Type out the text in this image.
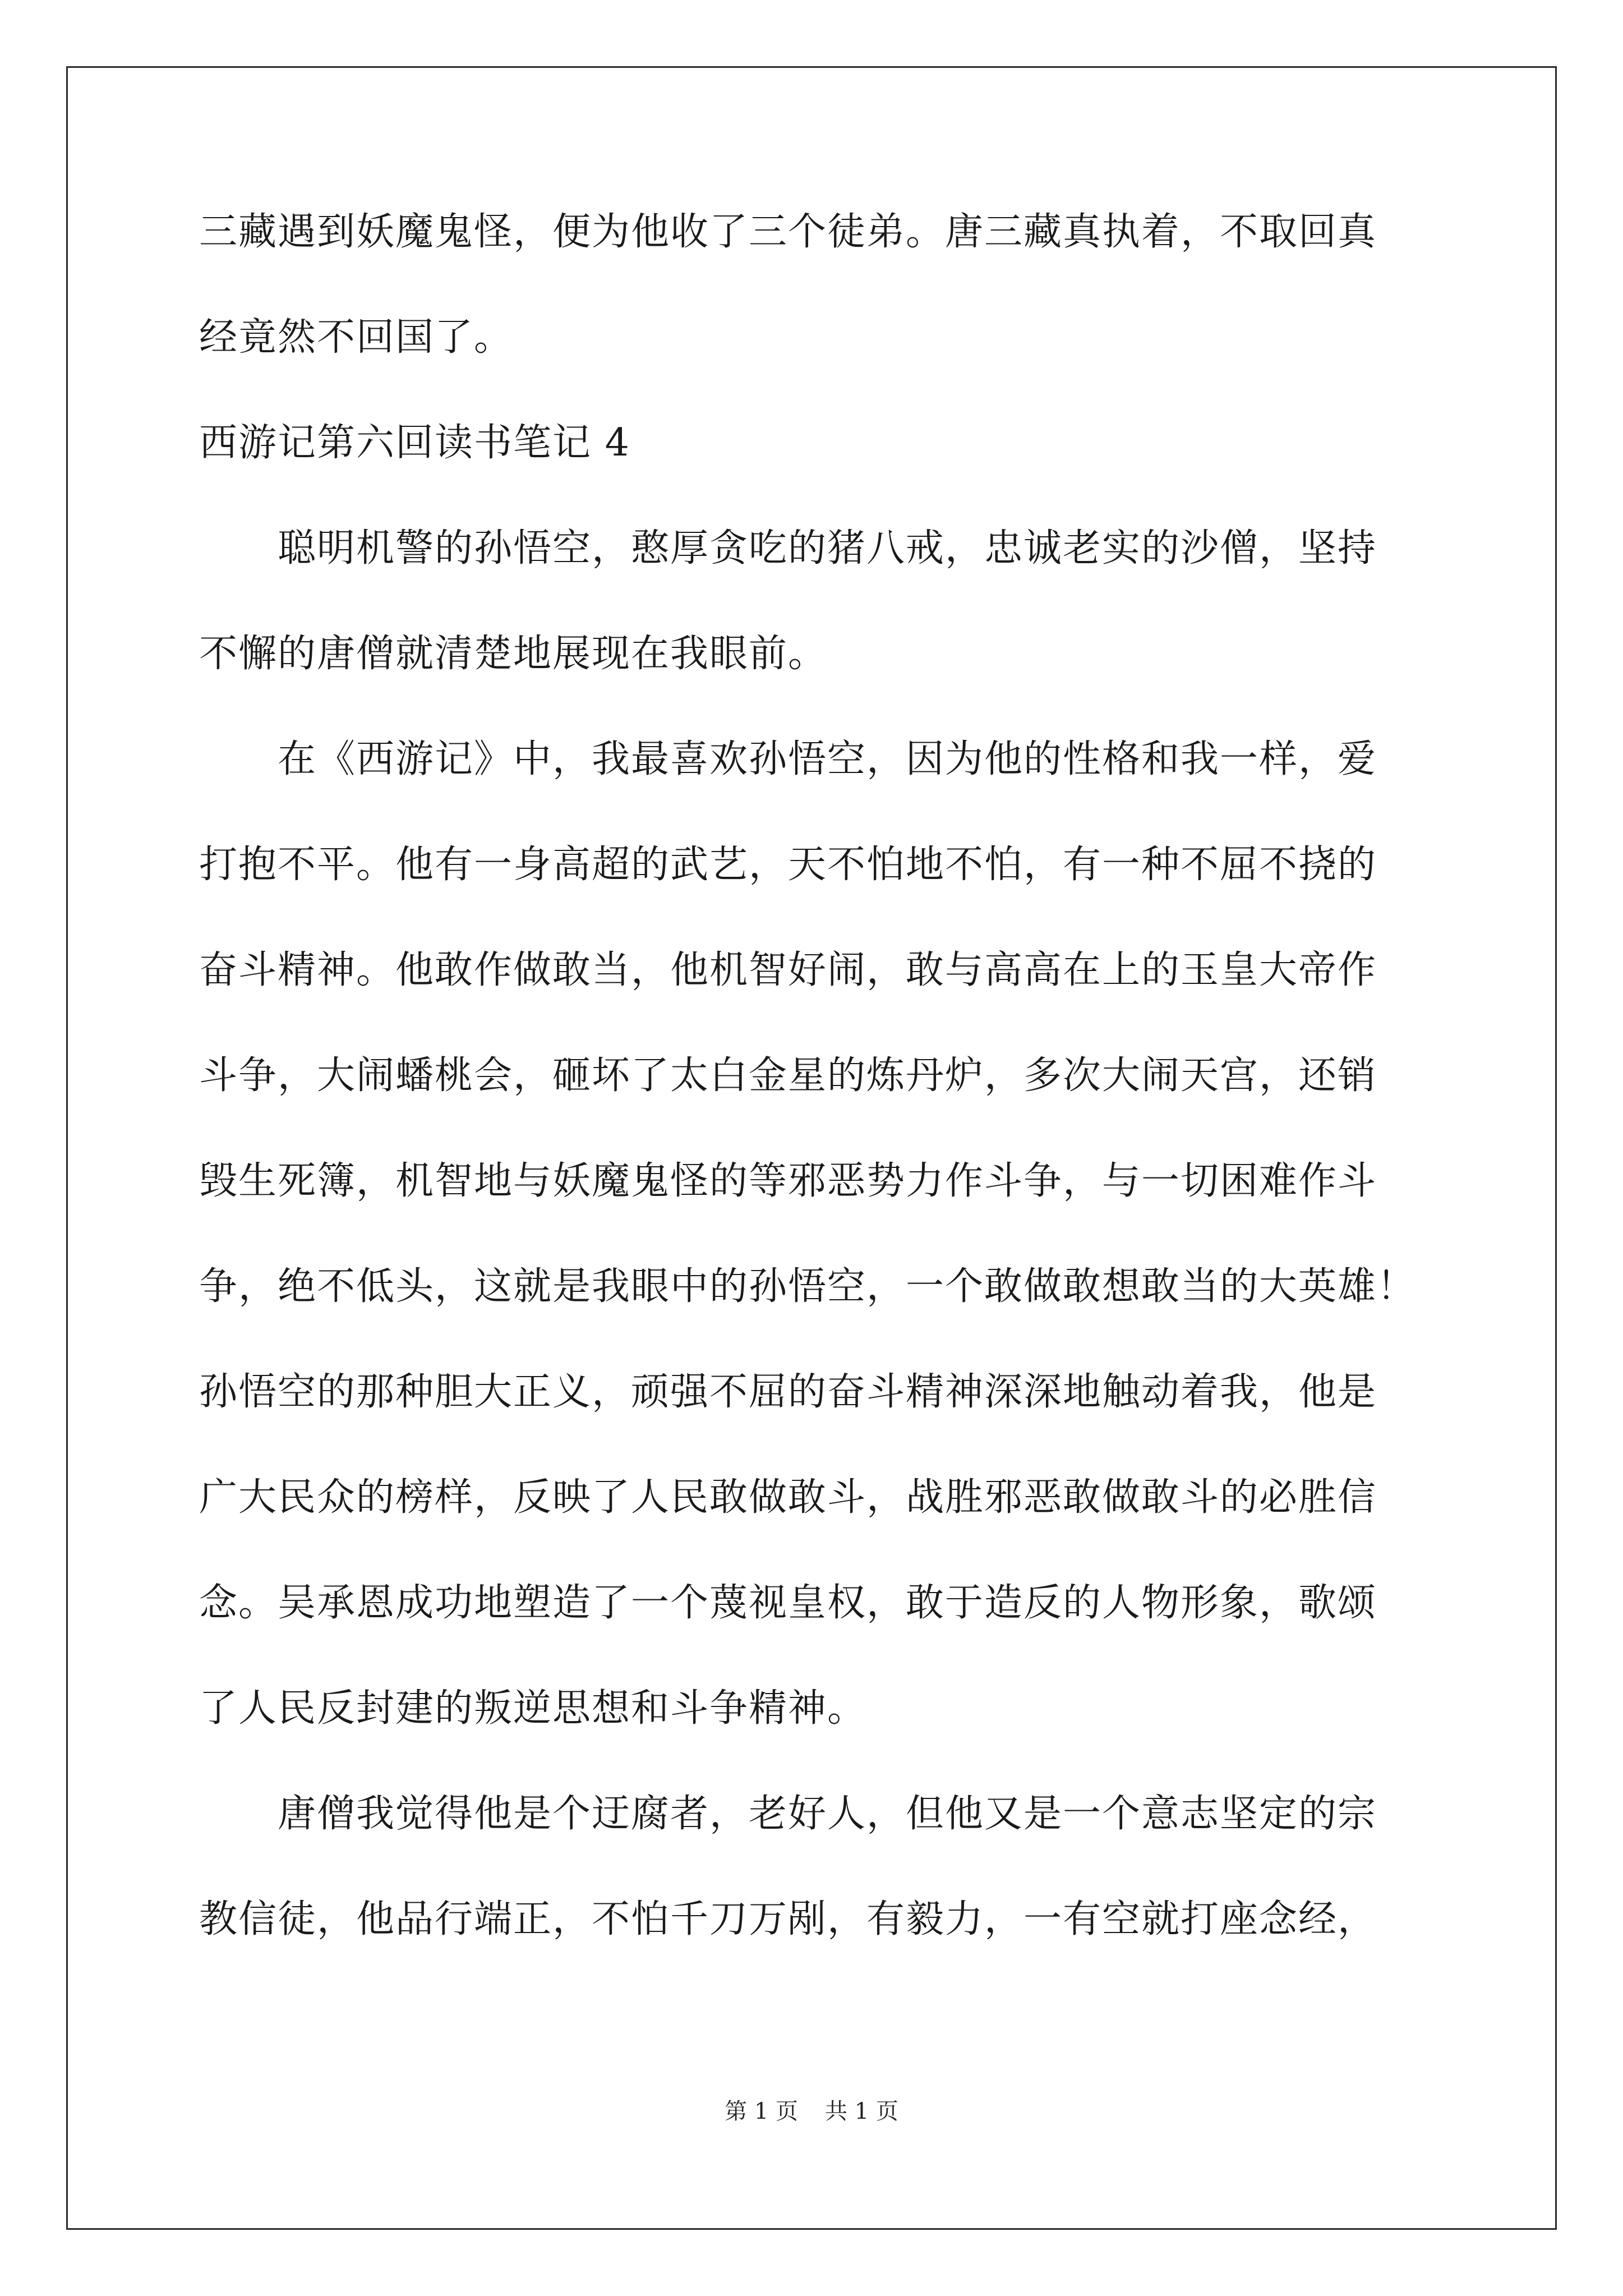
三藏遇到妖魔鬼怪，便为他收了三个徒弟。唐三藏真执着，不取回真
经竟然不回国了。
西游记第六回读书笔记 4
聪明机警的孙悟空，憨厚贪吃的猪八戒，忠诚老实的沙僧，坚持
不懈的唐僧就清楚地展现在我眼前。
在《西游记》中，我最喜欢孙悟空，因为他的性格和我一样，爱
打抱不平。他有一身高超的武艺，天不怕地不怕，有一种不屈不挠的
奋斗精神。他敢作做敢当，他机智好闹，敢与高高在上的玉皇大帝作
斗争，大闹蟠桃会，砸坏了太白金星的炼丹炉，多次大闹天宫，还销
毁生死簿，机智地与妖魔鬼怪的等邪恶势力作斗争，与一切困难作斗
争，绝不低头，这就是我眼中的孙悟空，一个敢做敢想敢当的大英雄！
孙悟空的那种胆大正义，顽强不屈的奋斗精神深深地触动着我，他是
广大民众的榜样，反映了人民敢做敢斗，战胜邪恶敢做敢斗的必胜信
念。吴承恩成功地塑造了一个蔑视皇权，敢于造反的人物形象，歌颂
了人民反封建的叛逆思想和斗争精神。
唐僧我觉得他是个迂腐者，老好人，但他又是一个意志坚定的宗
教信徒，他品行端正，不怕千刀万剐，有毅力，一有空就打座念经，
第 1 页 共 1 页
